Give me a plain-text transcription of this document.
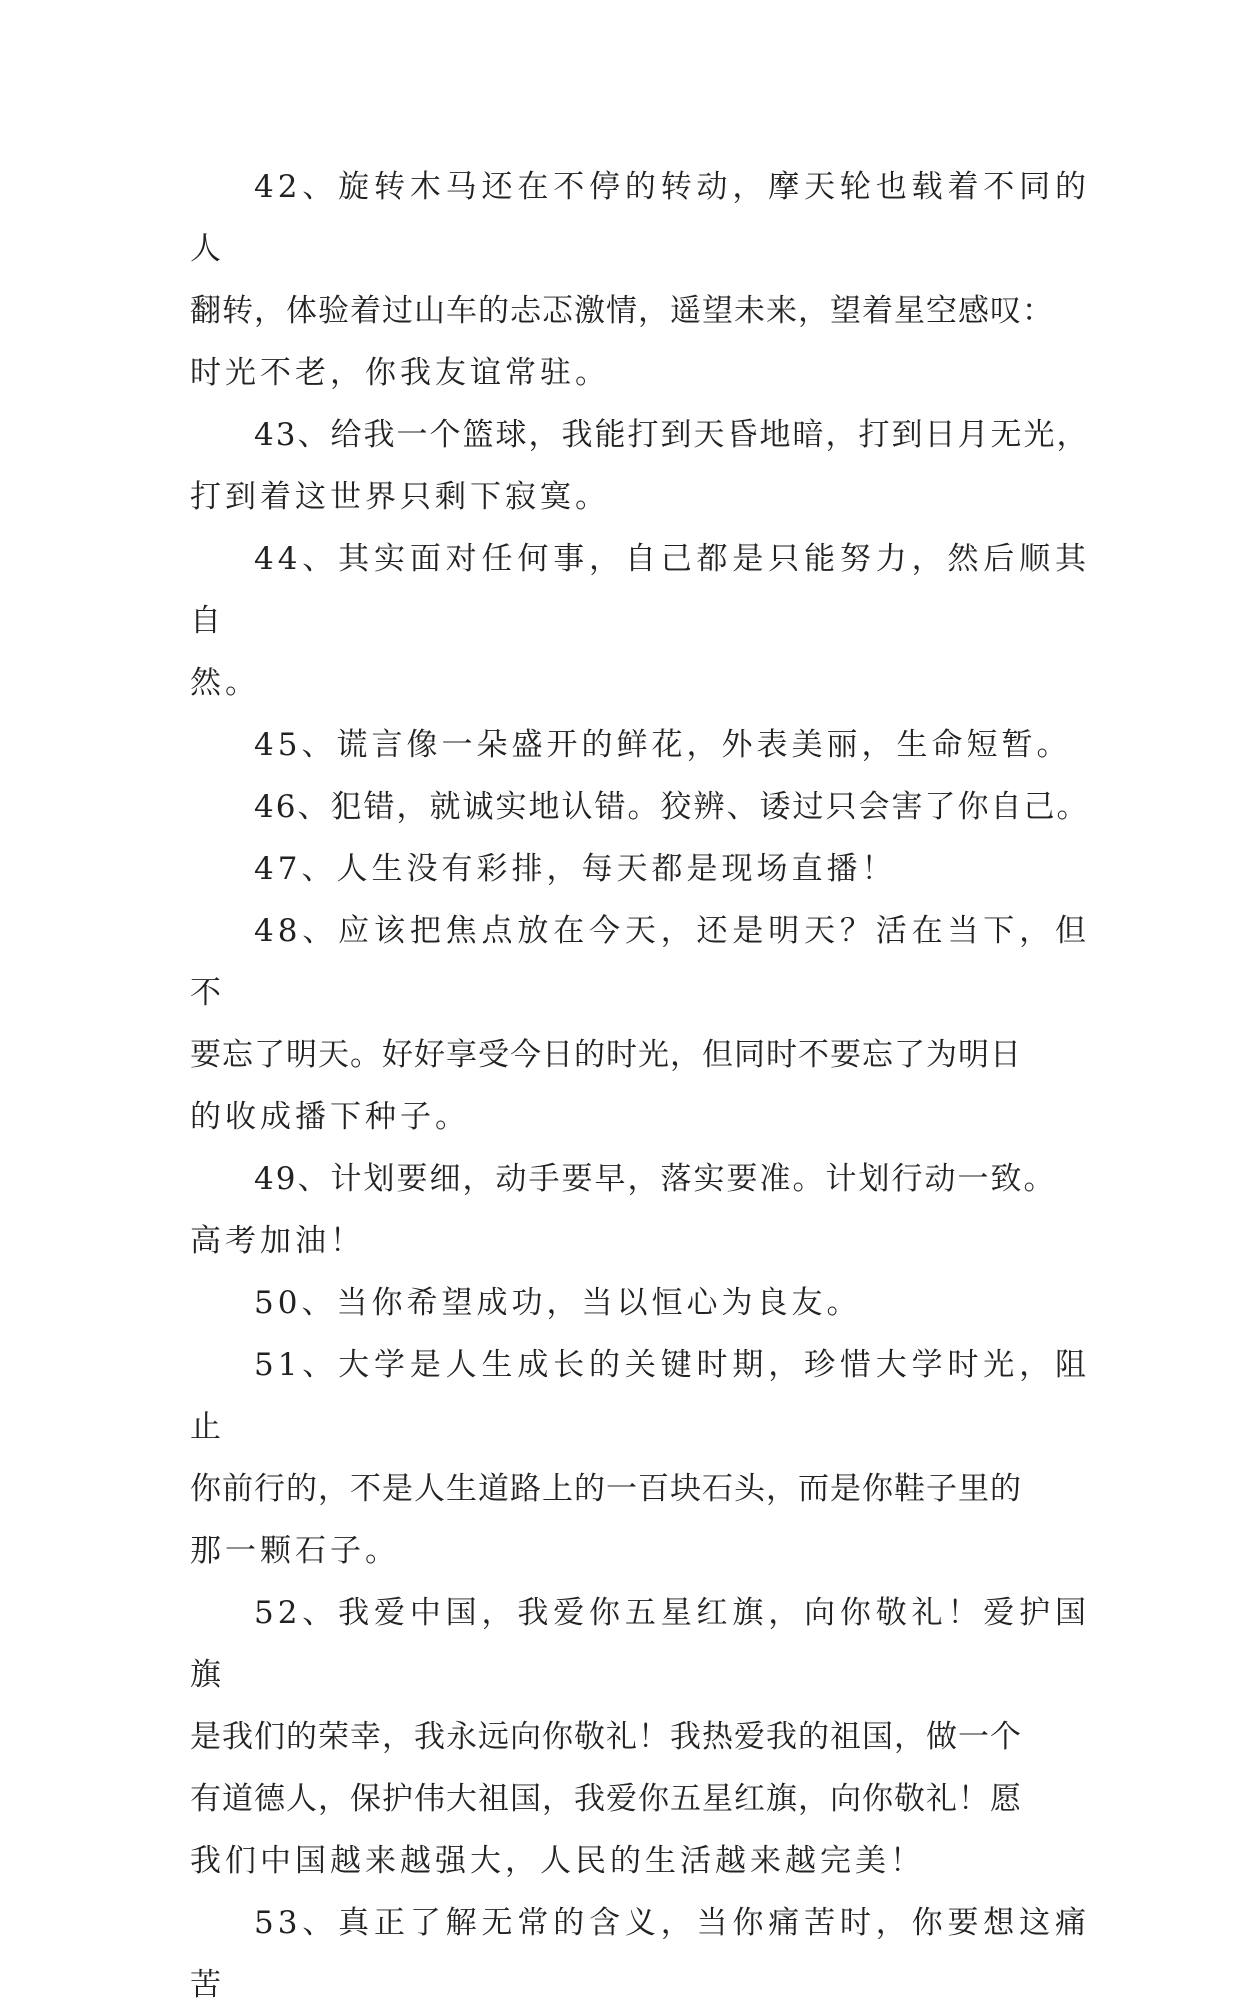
42、旋转木马还在不停的转动，摩天轮也载着不同的人
翻转，体验着过山车的忐忑激情，遥望未来，望着星空感叹：
时光不老，你我友谊常驻。

43、给我一个篮球，我能打到天昏地暗，打到日月无光，
打到着这世界只剩下寂寞。

44、其实面对任何事，自己都是只能努力，然后顺其自
然。

45、谎言像一朵盛开的鲜花，外表美丽，生命短暂。

46、犯错，就诚实地认错。狡辨、诿过只会害了你自己。

47、人生没有彩排，每天都是现场直播！

48、应该把焦点放在今天，还是明天？活在当下，但不
要忘了明天。好好享受今日的时光，但同时不要忘了为明日
的收成播下种子。

49、计划要细，动手要早，落实要准。计划行动一致。
高考加油！

50、当你希望成功，当以恒心为良友。

51、大学是人生成长的关键时期，珍惜大学时光，阻止
你前行的，不是人生道路上的一百块石头，而是你鞋子里的
那一颗石子。

52、我爱中国，我爱你五星红旗，向你敬礼！爱护国旗
是我们的荣幸，我永远向你敬礼！我热爱我的祖国，做一个
有道德人，保护伟大祖国，我爱你五星红旗，向你敬礼！愿
我们中国越来越强大，人民的生活越来越完美！

53、真正了解无常的含义，当你痛苦时，你要想这痛苦
